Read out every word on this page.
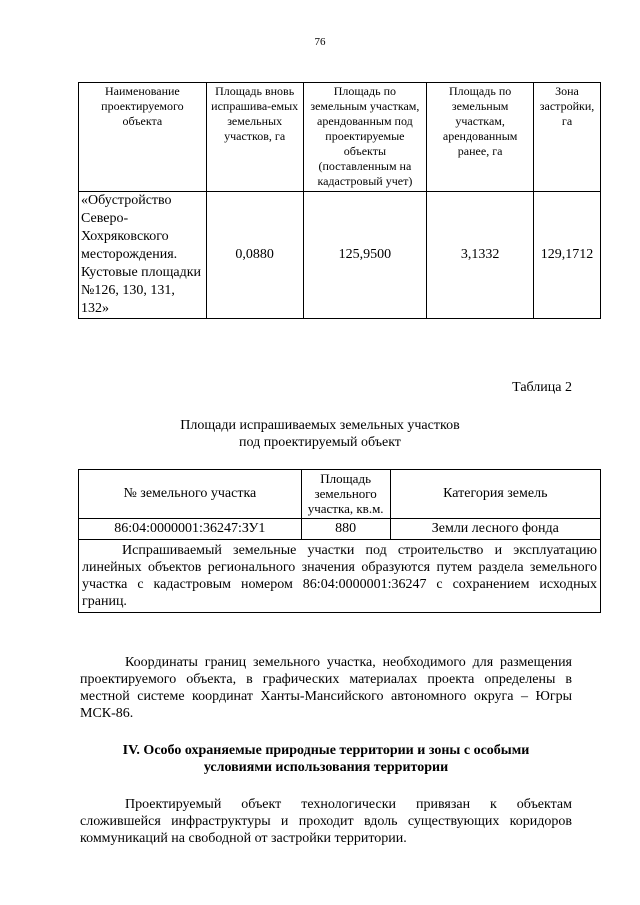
76
Наименование проектируемого объекта	Площадь вновь испрашива-емых земельных участков, га	Площадь по земельным участкам, арендованным под проектируемые объекты (поставленным на кадастровый учет)	Площадь по земельным участкам, арендованным ранее, га	Зона застройки, га
«Обустройство Северо-Хохряковского месторождения. Кустовые площадки №126, 130, 131, 132»	0,0880	125,9500	3,1332	129,1712
Таблица 2
Площади испрашиваемых земельных участков
под проектируемый объект
№ земельного участка	Площадь земельного участка, кв.м.	Категория земель
86:04:0000001:36247:ЗУ1	880	Земли лесного фонда
Испрашиваемый земельные участки под строительство и эксплуатацию линейных объектов регионального значения образуются путем раздела земельного участка с кадастровым номером 86:04:0000001:36247 с сохранением исходных границ.		
Координаты границ земельного участка, необходимого для размещения проектируемого объекта, в графических материалах проекта определены в местной системе координат Ханты-Мансийского автономного округа – Югры МСК-86.
IV. Особо охраняемые природные территории и зоны с особыми
условиями использования территории
Проектируемый объект технологически привязан к объектам сложившейся инфраструктуры и проходит вдоль существующих коридоров коммуникаций на свободной от застройки территории.
